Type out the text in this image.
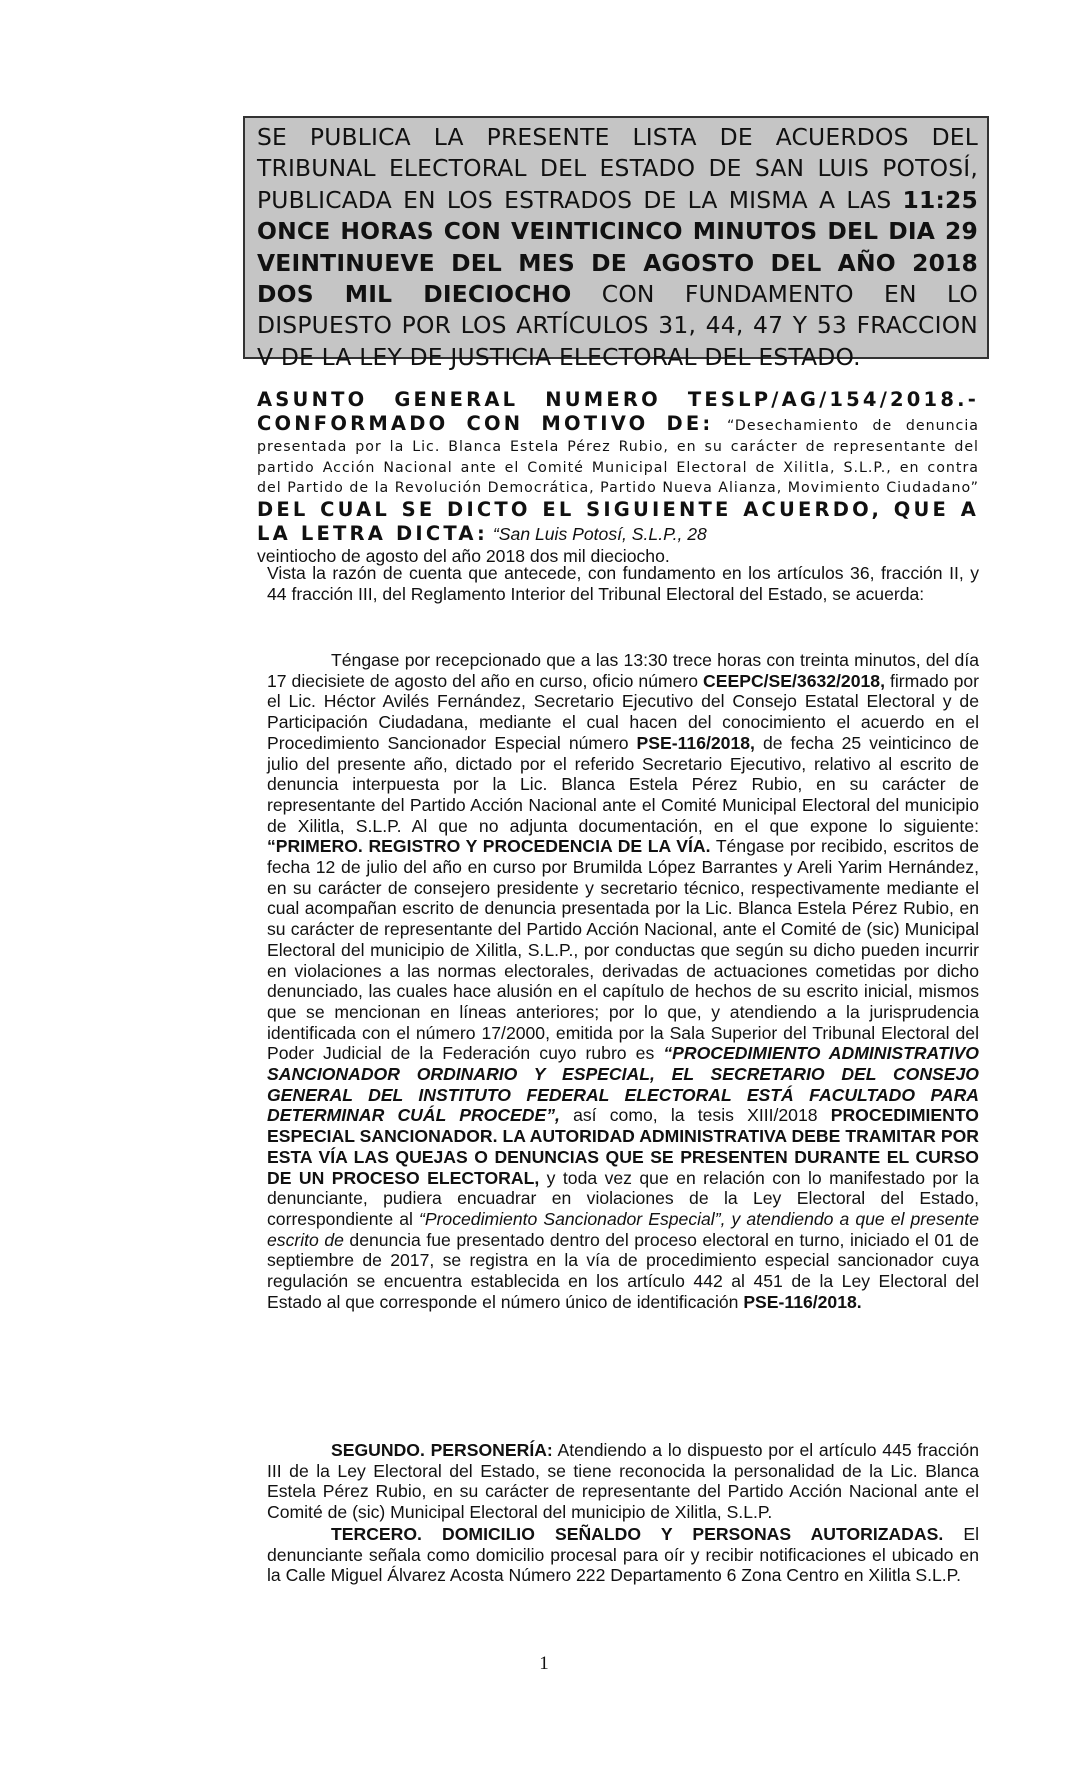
SE PUBLICA LA PRESENTE LISTA DE ACUERDOS DEL TRIBUNAL ELECTORAL DEL ESTADO DE SAN LUIS POTOSÍ, PUBLICADA EN LOS ESTRADOS DE LA MISMA A LAS 11:25 ONCE HORAS CON VEINTICINCO MINUTOS DEL DIA 29 VEINTINUEVE DEL MES DE AGOSTO DEL AÑO 2018 DOS MIL DIECIOCHO CON FUNDAMENTO EN LO DISPUESTO POR LOS ARTÍCULOS 31, 44, 47 Y 53 FRACCION V DE LA LEY DE JUSTICIA ELECTORAL DEL ESTADO.
ASUNTO GENERAL NUMERO TESLP/AG/154/2018.- CONFORMADO CON MOTIVO DE: “Desechamiento de denuncia presentada por la Lic. Blanca Estela Pérez Rubio, en su carácter de representante del partido Acción Nacional ante el Comité Municipal Electoral de Xilitla, S.L.P., en contra del Partido de la Revolución Democrática, Partido Nueva Alianza, Movimiento Ciudadano” DEL CUAL SE DICTO EL SIGUIENTE ACUERDO, QUE A LA LETRA DICTA: “San Luis Potosí, S.L.P., 28
veintiocho de agosto del año 2018 dos mil dieciocho.

Vista la razón de cuenta que antecede, con fundamento en los artículos 36, fracción II, y 44 fracción III, del Reglamento Interior del Tribunal Electoral del Estado, se acuerda:

Téngase por recepcionado que a las 13:30 trece horas con treinta minutos, del día 17 diecisiete de agosto del año en curso, oficio número CEEPC/SE/3632/2018, firmado por el Lic. Héctor Avilés Fernández, Secretario Ejecutivo del Consejo Estatal Electoral y de Participación Ciudadana, mediante el cual hacen del conocimiento el acuerdo en el Procedimiento Sancionador Especial número PSE-116/2018, de fecha 25 veinticinco de julio del presente año, dictado por el referido Secretario Ejecutivo, relativo al escrito de denuncia interpuesta por la Lic. Blanca Estela Pérez Rubio, en su carácter de representante del Partido Acción Nacional ante el Comité Municipal Electoral del municipio de Xilitla, S.L.P. Al que no adjunta documentación, en el que expone lo siguiente: “PRIMERO. REGISTRO Y PROCEDENCIA DE LA VÍA. Téngase por recibido, escritos de fecha 12 de julio del año en curso por Brumilda López Barrantes y Areli Yarim Hernández, en su carácter de consejero presidente y secretario técnico, respectivamente mediante el cual acompañan escrito de denuncia presentada por la Lic. Blanca Estela Pérez Rubio, en su carácter de representante del Partido Acción Nacional, ante el Comité de (sic) Municipal Electoral del municipio de Xilitla, S.L.P., por conductas que según su dicho pueden incurrir en violaciones a las normas electorales, derivadas de actuaciones cometidas por dicho denunciado, las cuales hace alusión en el capítulo de hechos de su escrito inicial, mismos que se mencionan en líneas anteriores; por lo que, y atendiendo a la jurisprudencia identificada con el número 17/2000, emitida por la Sala Superior del Tribunal Electoral del Poder Judicial de la Federación cuyo rubro es “PROCEDIMIENTO ADMINISTRATIVO SANCIONADOR ORDINARIO Y ESPECIAL, EL SECRETARIO DEL CONSEJO GENERAL DEL INSTITUTO FEDERAL ELECTORAL ESTÁ FACULTADO PARA DETERMINAR CUÁL PROCEDE”, así como, la tesis XIII/2018 PROCEDIMIENTO ESPECIAL SANCIONADOR. LA AUTORIDAD ADMINISTRATIVA DEBE TRAMITAR POR ESTA VÍA LAS QUEJAS O DENUNCIAS QUE SE PRESENTEN DURANTE EL CURSO DE UN PROCESO ELECTORAL, y toda vez que en relación con lo manifestado por la denunciante, pudiera encuadrar en violaciones de la Ley Electoral del Estado, correspondiente al “Procedimiento Sancionador Especial”, y atendiendo a que el presente escrito de denuncia fue presentado dentro del proceso electoral en turno, iniciado el 01 de septiembre de 2017, se registra en la vía de procedimiento especial sancionador cuya regulación se encuentra establecida en los artículo 442 al 451 de la Ley Electoral del Estado al que corresponde el número único de identificación PSE-116/2018.

SEGUNDO. PERSONERÍA: Atendiendo a lo dispuesto por el artículo 445 fracción III de la Ley Electoral del Estado, se tiene reconocida la personalidad de la Lic. Blanca Estela Pérez Rubio, en su carácter de representante del Partido Acción Nacional ante el Comité de (sic) Municipal Electoral del municipio de Xilitla, S.L.P.

TERCERO. DOMICILIO SEÑALDO Y PERSONAS AUTORIZADAS. El denunciante señala como domicilio procesal para oír y recibir notificaciones el ubicado en la Calle Miguel Álvarez Acosta Número 222 Departamento 6 Zona Centro en Xilitla S.L.P.

1
